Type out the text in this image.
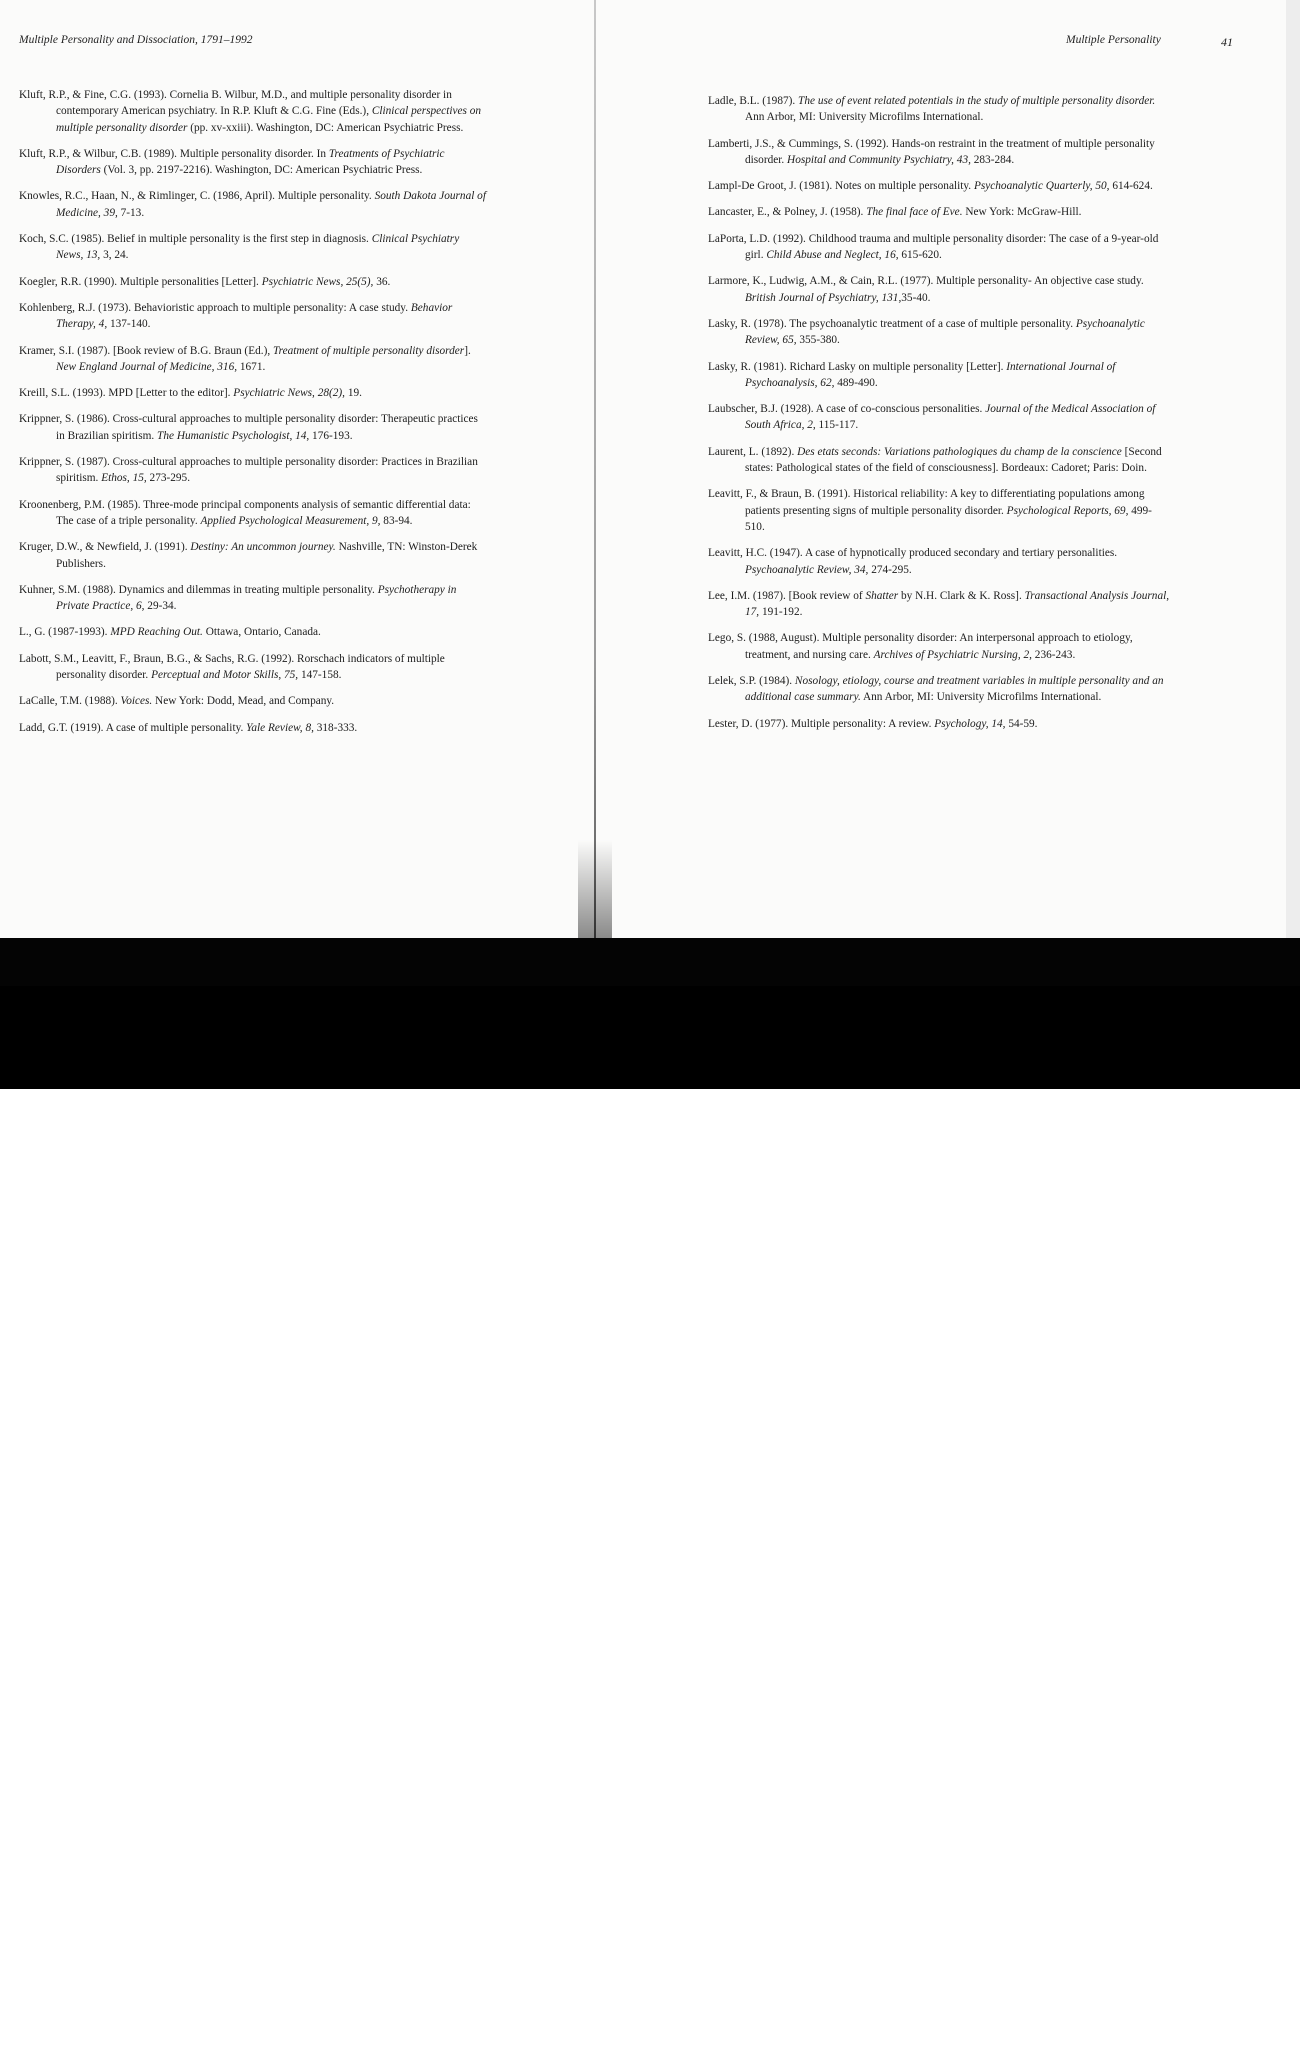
Multiple Personality and Dissociation, 1791–1992
Kluft, R.P., & Fine, C.G. (1993). Cornelia B. Wilbur, M.D., and multiple personality disorder in contemporary American psychiatry. In R.P. Kluft & C.G. Fine (Eds.), Clinical perspectives on multiple personality disorder (pp. xv-xxiii). Washington, DC: American Psychiatric Press.
Kluft, R.P., & Wilbur, C.B. (1989). Multiple personality disorder. In Treatments of Psychiatric Disorders (Vol. 3, pp. 2197-2216). Washington, DC: American Psychiatric Press.
Knowles, R.C., Haan, N., & Rimlinger, C. (1986, April). Multiple personality. South Dakota Journal of Medicine, 39, 7-13.
Koch, S.C. (1985). Belief in multiple personality is the first step in diagnosis. Clinical Psychiatry News, 13, 3, 24.
Koegler, R.R. (1990). Multiple personalities [Letter]. Psychiatric News, 25(5), 36.
Kohlenberg, R.J. (1973). Behavioristic approach to multiple personality: A case study. Behavior Therapy, 4, 137-140.
Kramer, S.I. (1987). [Book review of B.G. Braun (Ed.), Treatment of multiple personality disorder]. New England Journal of Medicine, 316, 1671.
Kreill, S.L. (1993). MPD [Letter to the editor]. Psychiatric News, 28(2), 19.
Krippner, S. (1986). Cross-cultural approaches to multiple personality disorder: Therapeutic practices in Brazilian spiritism. The Humanistic Psychologist, 14, 176-193.
Krippner, S. (1987). Cross-cultural approaches to multiple personality disorder: Practices in Brazilian spiritism. Ethos, 15, 273-295.
Kroonenberg, P.M. (1985). Three-mode principal components analysis of semantic differential data: The case of a triple personality. Applied Psychological Measurement, 9, 83-94.
Kruger, D.W., & Newfield, J. (1991). Destiny: An uncommon journey. Nashville, TN: Winston-Derek Publishers.
Kuhner, S.M. (1988). Dynamics and dilemmas in treating multiple personality. Psychotherapy in Private Practice, 6, 29-34.
L., G. (1987-1993). MPD Reaching Out. Ottawa, Ontario, Canada.
Labott, S.M., Leavitt, F., Braun, B.G., & Sachs, R.G. (1992). Rorschach indicators of multiple personality disorder. Perceptual and Motor Skills, 75, 147-158.
LaCalle, T.M. (1988). Voices. New York: Dodd, Mead, and Company.
Ladd, G.T. (1919). A case of multiple personality. Yale Review, 8, 318-333.
Multiple Personality	41
Ladle, B.L. (1987). The use of event related potentials in the study of multiple personality disorder. Ann Arbor, MI: University Microfilms International.
Lamberti, J.S., & Cummings, S. (1992). Hands-on restraint in the treatment of multiple personality disorder. Hospital and Community Psychiatry, 43, 283-284.
Lampl-De Groot, J. (1981). Notes on multiple personality. Psychoanalytic Quarterly, 50, 614-624.
Lancaster, E., & Polney, J. (1958). The final face of Eve. New York: McGraw-Hill.
LaPorta, L.D. (1992). Childhood trauma and multiple personality disorder: The case of a 9-year-old girl. Child Abuse and Neglect, 16, 615-620.
Larmore, K., Ludwig, A.M., & Cain, R.L. (1977). Multiple personality- An objective case study. British Journal of Psychiatry, 131,35-40.
Lasky, R. (1978). The psychoanalytic treatment of a case of multiple personality. Psychoanalytic Review, 65, 355-380.
Lasky, R. (1981). Richard Lasky on multiple personality [Letter]. International Journal of Psychoanalysis, 62, 489-490.
Laubscher, B.J. (1928). A case of co-conscious personalities. Journal of the Medical Association of South Africa, 2, 115-117.
Laurent, L. (1892). Des etats seconds: Variations pathologiques du champ de la conscience [Second states: Pathological states of the field of consciousness]. Bordeaux: Cadoret; Paris: Doin.
Leavitt, F., & Braun, B. (1991). Historical reliability: A key to differentiating populations among patients presenting signs of multiple personality disorder. Psychological Reports, 69, 499-510.
Leavitt, H.C. (1947). A case of hypnotically produced secondary and tertiary personalities. Psychoanalytic Review, 34, 274-295.
Lee, I.M. (1987). [Book review of Shatter by N.H. Clark & K. Ross]. Transactional Analysis Journal, 17, 191-192.
Lego, S. (1988, August). Multiple personality disorder: An interpersonal approach to etiology, treatment, and nursing care. Archives of Psychiatric Nursing, 2, 236-243.
Lelek, S.P. (1984). Nosology, etiology, course and treatment variables in multiple personality and an additional case summary. Ann Arbor, MI: University Microfilms International.
Lester, D. (1977). Multiple personality: A review. Psychology, 14, 54-59.
alamy	3APJHR3
www.alamy.com
